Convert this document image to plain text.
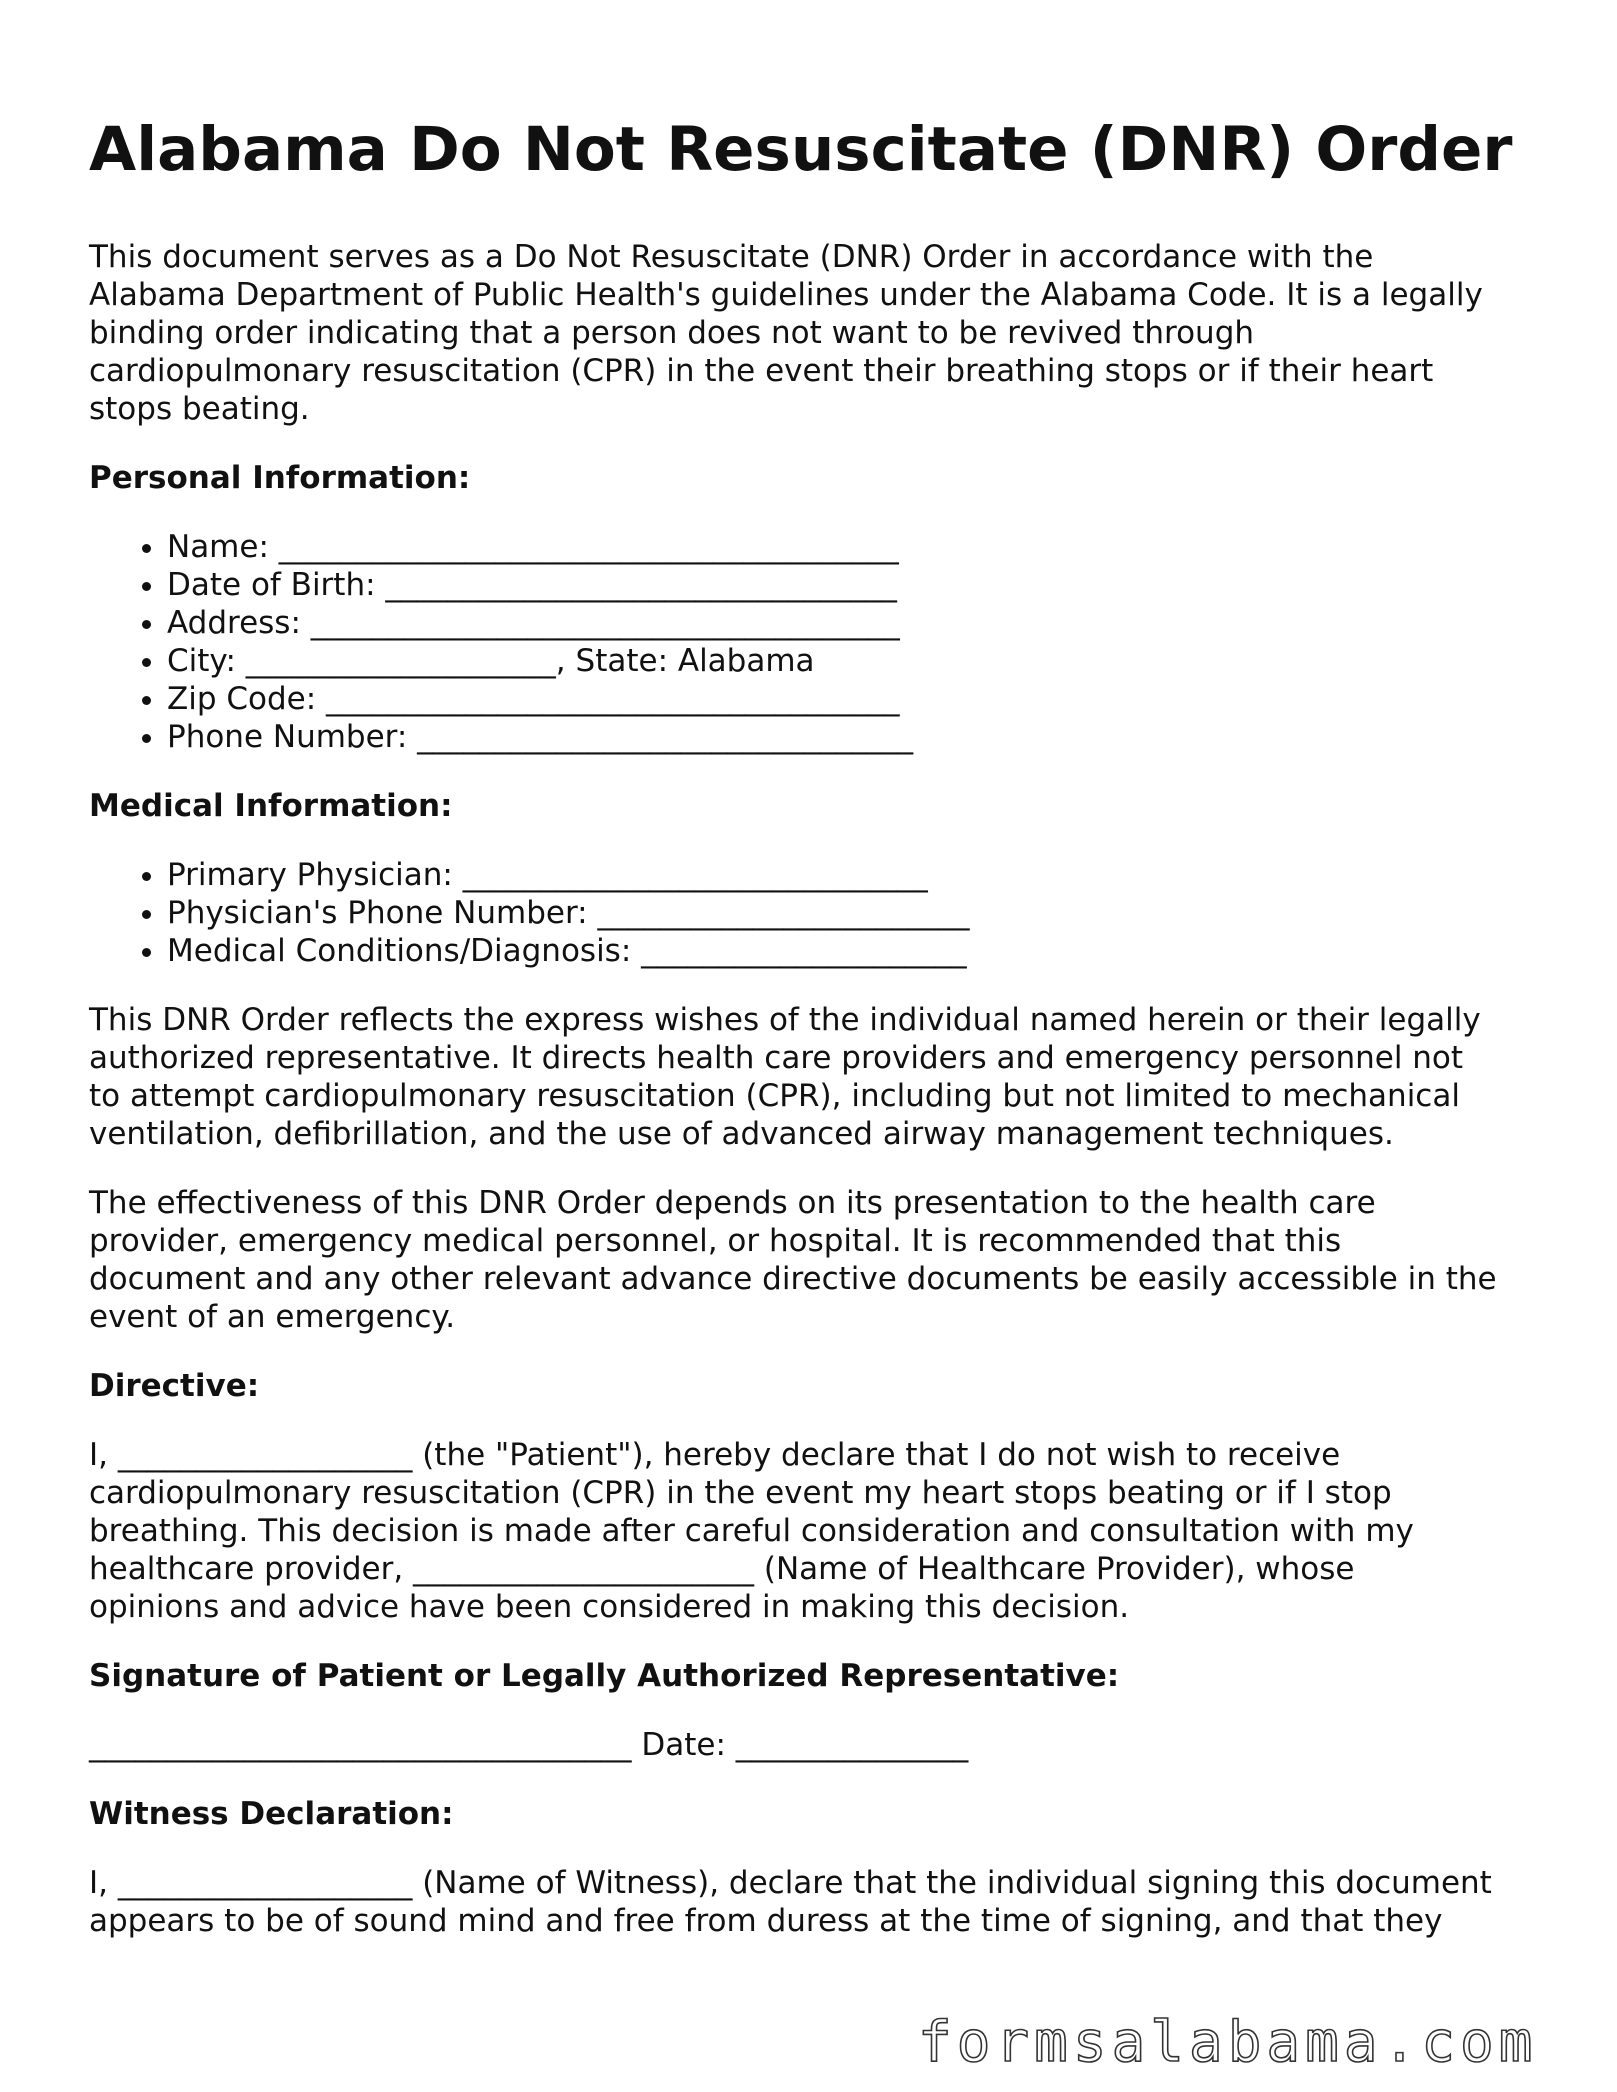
Alabama Do Not Resuscitate (DNR) Order

This document serves as a Do Not Resuscitate (DNR) Order in accordance with the
Alabama Department of Public Health's guidelines under the Alabama Code. It is a legally
binding order indicating that a person does not want to be revived through
cardiopulmonary resuscitation (CPR) in the event their breathing stops or if their heart
stops beating.

Personal Information:
• Name: ________________________________________
• Date of Birth: _________________________________
• Address: ______________________________________
• City: ____________________, State: Alabama
• Zip Code: _____________________________________
• Phone Number: ________________________________
Medical Information:
• Primary Physician: ______________________________
• Physician's Phone Number: ________________________
• Medical Conditions/Diagnosis: _____________________

This DNR Order reflects the express wishes of the individual named herein or their legally
authorized representative. It directs health care providers and emergency personnel not
to attempt cardiopulmonary resuscitation (CPR), including but not limited to mechanical
ventilation, defibrillation, and the use of advanced airway management techniques.

The effectiveness of this DNR Order depends on its presentation to the health care
provider, emergency medical personnel, or hospital. It is recommended that this
document and any other relevant advance directive documents be easily accessible in the
event of an emergency.

Directive:

I, ___________________ (the "Patient"), hereby declare that I do not wish to receive
cardiopulmonary resuscitation (CPR) in the event my heart stops beating or if I stop
breathing. This decision is made after careful consideration and consultation with my
healthcare provider, ______________________ (Name of Healthcare Provider), whose
opinions and advice have been considered in making this decision.

Signature of Patient or Legally Authorized Representative:
___________________________________ Date: _______________
Witness Declaration:

I, ___________________ (Name of Witness), declare that the individual signing this document
appears to be of sound mind and free from duress at the time of signing, and that they

formsalabama.com
